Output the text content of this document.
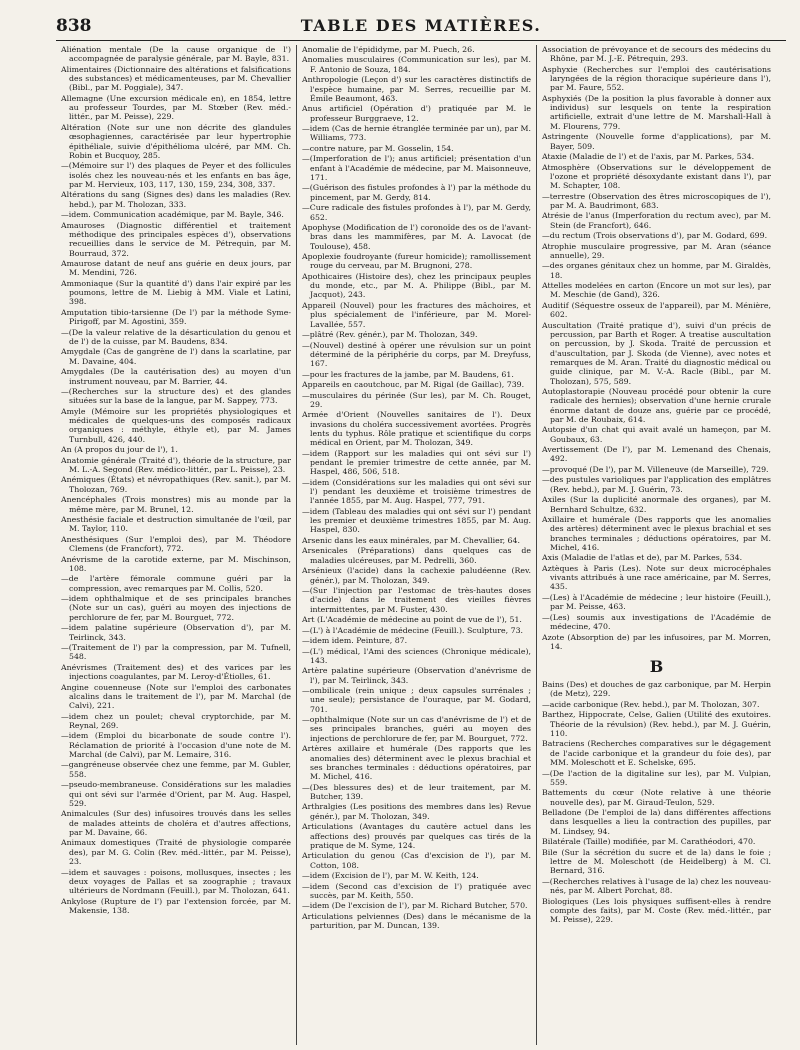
838	TABLE DES MATIÈRES.

Aliénation mentale (De la cause organique de l') accompagnée de paralysie générale, par M. Bayle, 831.

Alimentaires (Dictionnaire des altérations et falsifications des substances) et médicamenteuses, par M. Chevallier (Bibl., par M. Poggiale), 347.

Allemagne (Une excursion médicale en), en 1854, lettre au professeur Tourdes, par M. Stœber (Rev. méd.-littér., par M. Peisse), 229.

Altération (Note sur une non décrite des glandules œsophagiennes, caractérisée par leur hypertrophie épithéliale, suivie d'épithélioma ulcéré, par MM. Ch. Robin et Bucquoy, 285.

—(Mémoire sur l') des plaques de Peyer et des follicules isolés chez les nouveau-nés et les enfants en bas âge, par M. Hervieux, 103, 117, 130, 159, 234, 308, 337.

Altérations du sang (Signes des) dans les maladies (Rev. hebd.), par M. Tholozan, 333.

—idem. Communication académique, par M. Bayle, 346.

Amauroses (Diagnostic différentiel et traitement méthodique des principales espèces d'), observations recueillies dans le service de M. Pétrequin, par M. Bourraud, 372.

Amaurose datant de neuf ans guérie en deux jours, par M. Mendini, 726.

Ammoniaque (Sur la quantité d') dans l'air expiré par les poumons, lettre de M. Liebig à MM. Viale et Latini, 398.

Amputation tibio-tarsienne (De l') par la méthode Syme-Pirigoff, par M. Agostini, 359.

—(De la valeur relative de la désarticulation du genou et de l') de la cuisse, par M. Baudens, 834.

Amygdale (Cas de gangrène de l') dans la scarlatine, par M. Davaine, 404.

Amygdales (De la cautérisation des) au moyen d'un instrument nouveau, par M. Barrier, 44.

—(Recherches sur la structure des) et des glandes situées sur la base de la langue, par M. Sappey, 773.

Amyle (Mémoire sur les propriétés physiologiques et médicales de quelques-uns des composés radicaux organiques : méthyle, éthyle et), par M. James Turnbull, 426, 440.

An (A propos du jour de l'), 1.

Anatomie générale (Traité d'), théorie de la structure, par M. L.-A. Segond (Rev. médico-littér., par L. Peisse), 23.

Anémiques (États) et névropathiques (Rev. sanit.), par M. Tholozan, 769.

Anencéphales (Trois monstres) mis au monde par la même mère, par M. Brunel, 12.

Anesthésie faciale et destruction simultanée de l'œil, par M. Taylor, 110.

Anesthésiques (Sur l'emploi des), par M. Théodore Clemens (de Francfort), 772.

Anévrisme de la carotide externe, par M. Mischinson, 108.

—de l'artère fémorale commune guéri par la compression, avec remarques par M. Collis, 520.

—idem ophthalmique et de ses principales branches (Note sur un cas), guéri au moyen des injections de perchlorure de fer, par M. Bourguet, 772.

—idem palatine supérieure (Observation d'), par M. Teirlinck, 343.

—(Traitement de l') par la compression, par M. Tufnell, 548.

Anévrismes (Traitement des) et des varices par les injections coagulantes, par M. Leroy-d'Étiolles, 61.

Angine couenneuse (Note sur l'emploi des carbonates alcalins dans le traitement de l'), par M. Marchal (de Calvi), 221.

—idem chez un poulet; cheval cryptorchide, par M. Reynal, 269.

—idem (Emploi du bicarbonate de soude contre l'). Réclamation de priorité à l'occasion d'une note de M. Marchal (de Calvi), par M. Lemaire, 316.

—gangréneuse observée chez une femme, par M. Gubler, 558.

—pseudo-membraneuse. Considérations sur les maladies qui ont sévi sur l'armée d'Orient, par M. Aug. Haspel, 529.

Animalcules (Sur des) infusoires trouvés dans les selles de malades atteints de choléra et d'autres affections, par M. Davaine, 66.

Animaux domestiques (Traité de physiologie comparée des), par M. G. Colin (Rev. méd.-littér., par M. Peisse), 23.

—idem et sauvages : poisons, mollusques, insectes ; les deux voyages de Pallas et sa zoographie ; travaux ultérieurs de Nordmann (Feuill.), par M. Tholozan, 641.

Ankylose (Rupture de l') par l'extension forcée, par M. Makensie, 138.

Anomalie de l'épididyme, par M. Puech, 26.

Anomalies musculaires (Communication sur les), par M. F. Antonio de Souza, 184.

Anthropologie (Leçon d') sur les caractères distinctifs de l'espèce humaine, par M. Serres, recueillie par M. Émile Beaumont, 463.

Anus artificiel (Opération d') pratiquée par M. le professeur Burggraeve, 12.

—idem (Cas de hernie étranglée terminée par un), par M. Williams, 773.

—contre nature, par M. Gosselin, 154.

—(Imperforation de l'); anus artificiel; présentation d'un enfant à l'Académie de médecine, par M. Maisonneuve, 171.

—(Guérison des fistules profondes à l') par la méthode du pincement, par M. Gerdy, 814.

—Cure radicale des fistules profondes à l'), par M. Gerdy, 652.

Apophyse (Modification de l') coronoïde des os de l'avant-bras dans les mammifères, par M. A. Lavocat (de Toulouse), 458.

Apoplexie foudroyante (fureur homicide); ramollissement rouge du cerveau, par M. Brugnoni, 278.

Apothicaires (Histoire des), chez les principaux peuples du monde, etc., par M. A. Philippe (Bibl., par M. Jacquot), 243.

Appareil (Nouvel) pour les fractures des mâchoires, et plus spécialement de l'inférieure, par M. Morel-Lavallée, 557.

—plâtré (Rev. génér.), par M. Tholozan, 349.

—(Nouvel) destiné à opérer une révulsion sur un point déterminé de la périphérie du corps, par M. Dreyfuss, 167.

—pour les fractures de la jambe, par M. Baudens, 61.

Appareils en caoutchouc, par M. Rigal (de Gaillac), 739.

—musculaires du périnée (Sur les), par M. Ch. Rouget, 29.

Armée d'Orient (Nouvelles sanitaires de l'). Deux invasions du choléra successivement avortées. Progrès lents du typhus. Rôle pratique et scientifique du corps médical en Orient, par M. Tholozan, 349.

—idem (Rapport sur les maladies qui ont sévi sur l') pendant le premier trimestre de cette année, par M. Haspel, 486, 506, 518.

—idem (Considérations sur les maladies qui ont sévi sur l') pendant les deuxième et troisième trimestres de l'année 1855, par M. Aug. Haspel, 777, 791.

—idem (Tableau des maladies qui ont sévi sur l') pendant les premier et deuxième trimestres 1855, par M. Aug. Haspel, 830.

Arsenic dans les eaux minérales, par M. Chevallier, 64.

Arsenicales (Préparations) dans quelques cas de maladies ulcéreuses, par M. Pedrelli, 360.

Arsénieux (l'acide) dans la cachexie paludéenne (Rev. génér.), par M. Tholozan, 349.

—(Sur l'injection par l'estomac de très-hautes doses d'acide) dans le traitement des vieilles fièvres intermittentes, par M. Fuster, 430.

Art (L'Académie de médecine au point de vue de l'), 51.

—(L') à l'Académie de médecine (Feuill.). Sculpture, 73.

—idem idem. Peinture, 87.

—(L') médical, l'Ami des sciences (Chronique médicale), 143.

Artère palatine supérieure (Observation d'anévrisme de l'), par M. Teirlinck, 343.

—ombilicale (rein unique ; deux capsules surrénales ; une seule); persistance de l'ouraque, par M. Godard, 701.

—ophthalmique (Note sur un cas d'anévrisme de l') et de ses principales branches, guéri au moyen des injections de perchlorure de fer, par M. Bourguet, 772.

Artères axillaire et humérale (Des rapports que les anomalies des) déterminent avec le plexus brachial et ses branches terminales : déductions opératoires, par M. Michel, 416.

—(Des blessures des) et de leur traitement, par M. Butcher, 139.

Arthralgies (Les positions des membres dans les) Revue génér.), par M. Tholozan, 349.

Articulations (Avantages du cautère actuel dans les affections des) prouvés par quelques cas tirés de la pratique de M. Syme, 124.

Articulation du genou (Cas d'excision de l'), par M. Cotton, 108.

—idem (Excision de l'), par M. W. Keith, 124.

—idem (Second cas d'excision de l') pratiquée avec succès, par M. Keith, 550.

—idem (De l'excision de l'), par M. Richard Butcher, 570.

Articulations pelviennes (Des) dans le mécanisme de la parturition, par M. Duncan, 139.

Association de prévoyance et de secours des médecins du Rhône, par M. J.-E. Pétrequin, 293.

Asphyxie (Recherches sur l'emploi des cautérisations laryngées de la région thoracique supérieure dans l'), par M. Faure, 552.

Asphyxiés (De la position la plus favorable à donner aux individus) sur lesquels on tente la respiration artificielle, extrait d'une lettre de M. Marshall-Hall à M. Flourens, 779.

Astringente (Nouvelle forme d'applications), par M. Bayer, 509.

Ataxie (Maladie de l') et de l'axis, par M. Parkes, 534.

Atmosphère (Observations sur le développement de l'ozone et propriété désoxydante existant dans l'), par M. Schapter, 108.

—terrestre (Observation des êtres microscopiques de l'), par M. A. Baudrimont, 683.

Atrésie de l'anus (Imperforation du rectum avec), par M. Stein (de Francfort), 646.

—du rectum (Trois observations d'), par M. Godard, 699.

Atrophie musculaire progressive, par M. Aran (séance annuelle), 29.

—des organes génitaux chez un homme, par M. Giraldès, 18.

Attelles modelées en carton (Encore un mot sur les), par M. Meschie (de Gand), 326.

Auditif (Séquestre osseux de l'appareil), par M. Ménière, 602.

Auscultation (Traité pratique d'), suivi d'un précis de percussion, par Barth et Roger. A treatise auscultation on percussion, by J. Skoda. Traité de percussion et d'auscultation, par J. Skoda (de Vienne), avec notes et remarques de M. Aran. Traité du diagnostic médical ou guide clinique, par M. V.-A. Racle (Bibl., par M. Tholozan), 575, 589.

Autoplastorapie (Nouveau procédé pour obtenir la cure radicale des hernies); observation d'une hernie crurale énorme datant de douze ans, guérie par ce procédé, par M. de Roubaix, 614.

Autopsie d'un chat qui avait avalé un hameçon, par M. Goubaux, 63.

Avertissement (De l'), par M. Lemenand des Chenais, 492.

—provoqué (De l'), par M. Villeneuve (de Marseille), 729.

—des pustules varioliques par l'application des emplâtres (Rev. hebd.), par M. J. Guérin, 73.

Axiles (Sur la duplicité anormale des organes), par M. Bernhard Schultze, 632.

Axillaire et humérale (Des rapports que les anomalies des artères) déterminent avec le plexus brachial et ses branches terminales ; déductions opératoires, par M. Michel, 416.

Axis (Maladie de l'atlas et de), par M. Parkes, 534.

Aztèques à Paris (Les). Note sur deux microcéphales vivants attribués à une race américaine, par M. Serres, 435.

—(Les) à l'Académie de médecine ; leur histoire (Feuill.), par M. Peisse, 463.

—(Les) soumis aux investigations de l'Académie de médecine, 470.

Azote (Absorption de) par les infusoires, par M. Morren, 14.

B

Bains (Des) et douches de gaz carbonique, par M. Herpin (de Metz), 229.

—acide carbonique (Rev. hebd.), par M. Tholozan, 307.

Barthez, Hippocrate, Celse, Galien (Utilité des exutoires. Théorie de la révulsion) (Rev. hebd.), par M. J. Guérin, 110.

Batraciens (Recherches comparatives sur le dégagement de l'acide carbonique et la grandeur du foie des), par MM. Moleschott et E. Schelske, 695.

—(De l'action de la digitaline sur les), par M. Vulpian, 559.

Battements du cœur (Note relative à une théorie nouvelle des), par M. Giraud-Teulon, 529.

Belladone (De l'emploi de la) dans différentes affections dans lesquelles a lieu la contraction des pupilles, par M. Lindsey, 94.

Bilatérale (Taille) modifiée, par M. Carathéodori, 470.

Bile (Sur la sécrétion du sucre et de la) dans le foie ; lettre de M. Moleschott (de Heidelberg) à M. Cl. Bernard, 316.

—(Recherches relatives à l'usage de la) chez les nouveau-nés, par M. Albert Porchat, 88.

Biologiques (Les lois physiques suffisent-elles à rendre compte des faits), par M. Coste (Rev. méd.-littér., par M. Peisse), 229.
